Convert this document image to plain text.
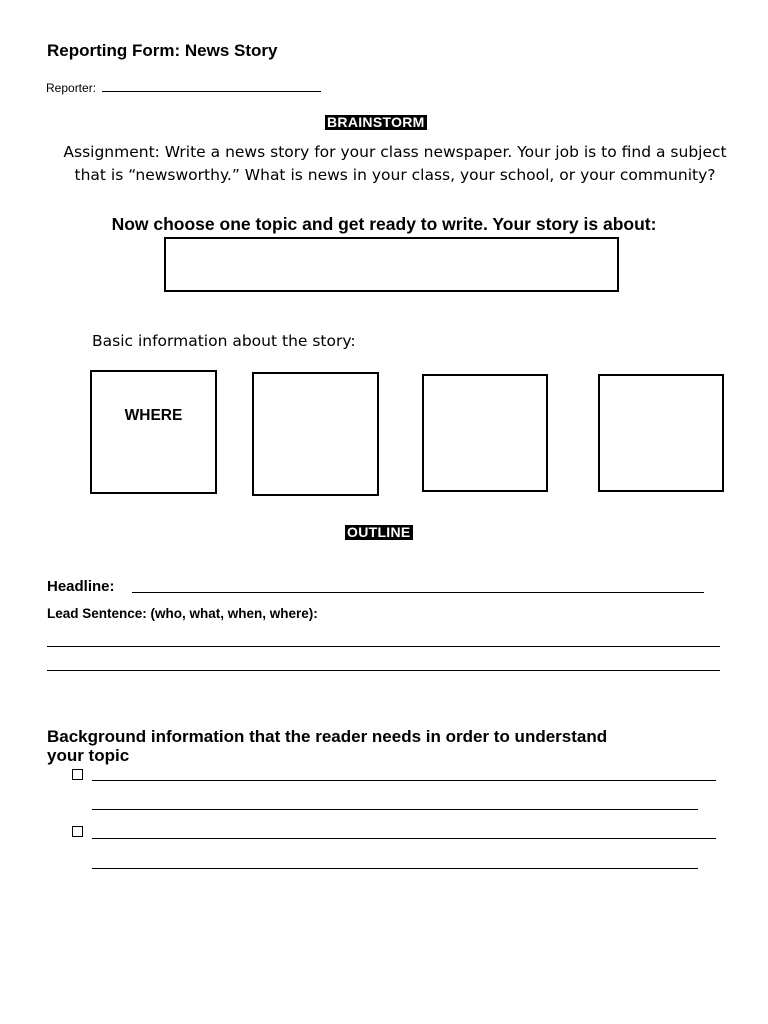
Reporting Form: News Story
Reporter:
BRAINSTORM
Assignment: Write a news story for your class newspaper. Your job is to find a subject
that is “newsworthy.” What is news in your class, your school, or your community?
Now choose one topic and get ready to write. Your story is about:
Basic information about the story:
WHERE
OUTLINE
Headline:
Lead Sentence: (who, what, when, where):
Background information that the reader needs in order to understand your topic
